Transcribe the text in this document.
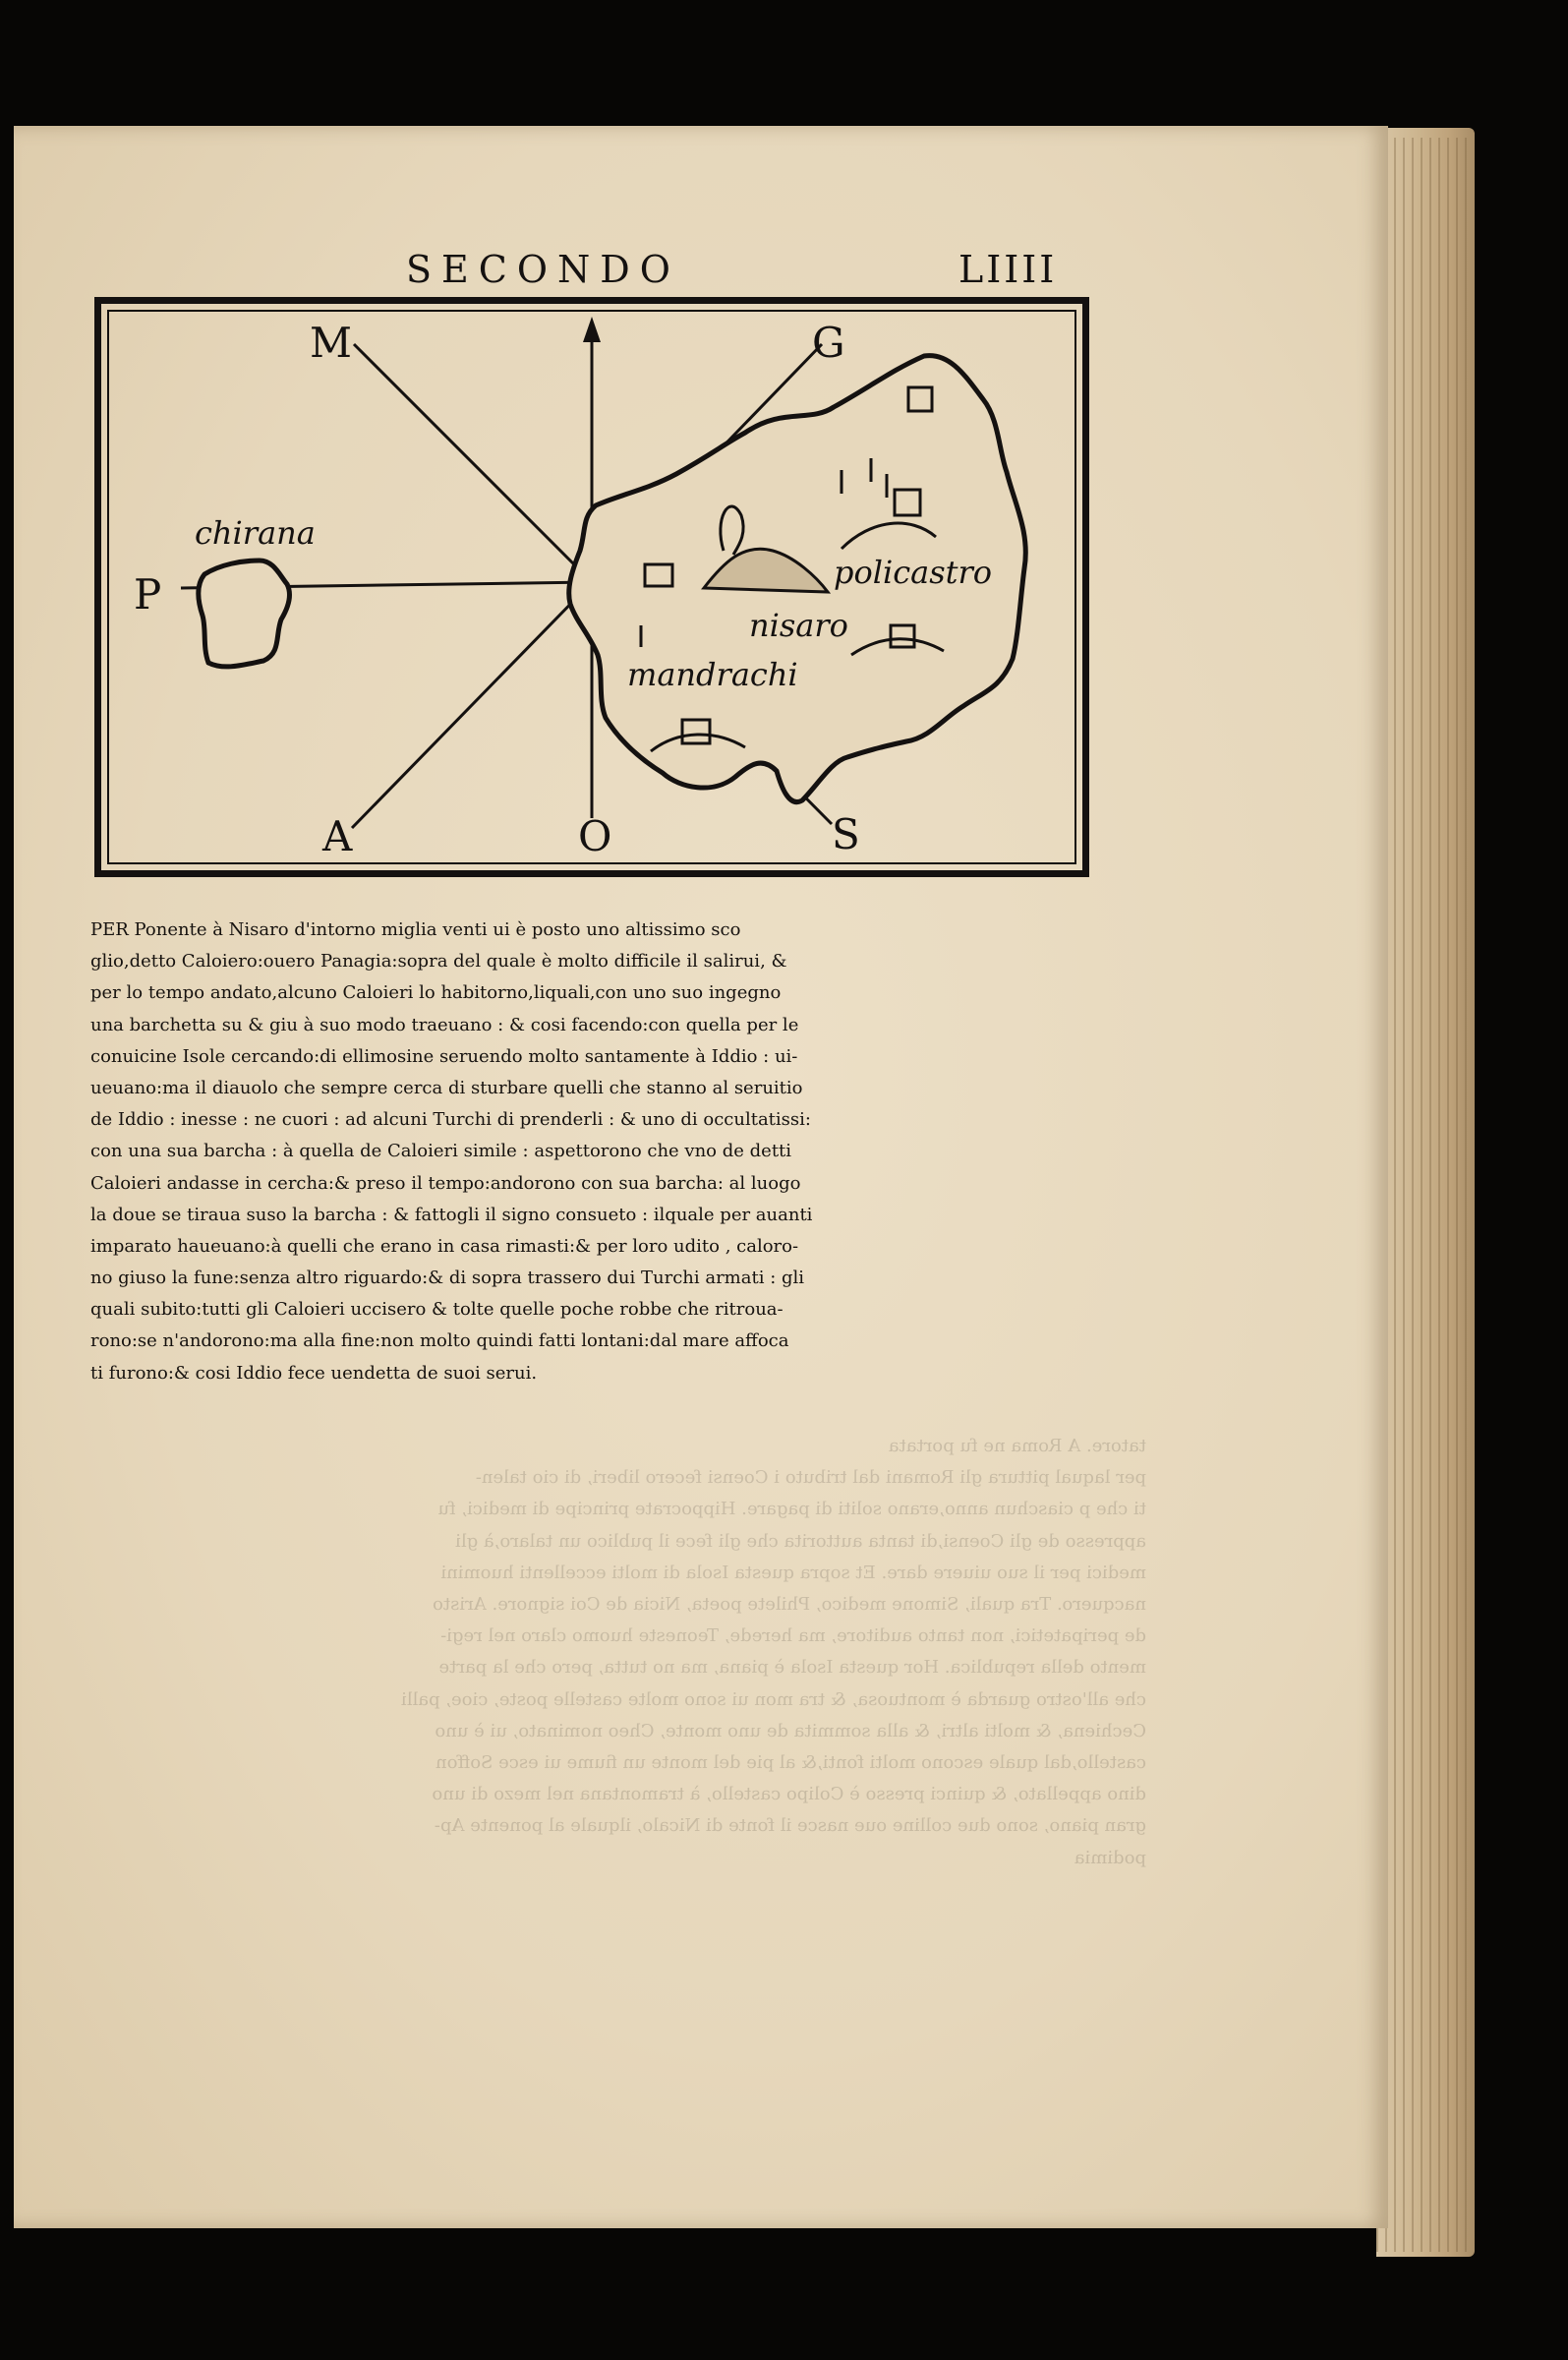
SECONDO	LIIII
chirana
policastro
nisaro
mandrachi
M	G
P
A	O	S
PER Ponente à Nisaro d'intorno miglia venti ui è posto uno altissimo sco
glio,detto Caloiero:ouero Panagia:sopra del quale è molto difficile il salirui, &
per lo tempo andato,alcuno Caloieri lo habitorno,liquali,con uno suo ingegno
una barchetta su & giu à suo modo traeuano : & cosi facendo:con quella per le
conuicine Isole cercando:di ellimosine seruendo molto santamente à Iddio : ui-
ueuano:ma il diauolo che sempre cerca di sturbare quelli che stanno al seruitio
de Iddio : inesse : ne cuori : ad alcuni Turchi di prenderli : & uno di occultatissi:
con una sua barcha : à quella de Caloieri simile : aspettorono che vno de detti
Caloieri andasse in cercha:& preso il tempo:andorono con sua barcha: al luogo
la doue se tiraua suso la barcha : & fattogli il signo consueto : ilquale per auanti
imparato haueuano:à quelli che erano in casa rimasti:& per loro udito , caloro-
no giuso la fune:senza altro riguardo:& di sopra trassero dui Turchi armati : gli
quali subito:tutti gli Caloieri uccisero & tolte quelle poche robbe che ritroua-
rono:se n'andorono:ma alla fine:non molto quindi fatti lontani:dal mare affoca
ti furono:& cosi Iddio fece uendetta de suoi serui.
tatore. A Roma ne fu portata
per laqual pittura gli Romani dal tributo i Coensi fecero liberi, di cio talen-
ti che p ciaschun anno,erano soliti di pagare. Hippocrate principe di medici, fu
appresso de gli Coensi,di tanta auttorita che gli fece il publico un talaro,à gli
medici per il suo uiuere dare. Et sopra questa Isola di molti eccellenti huomini
nacquero. Tra quali, Simone medico, Philete poeta, Nicia de Coi signore. Aristo
de peripatetici, non tanto auditore, ma herede, Teoneste huomo claro nel regi-
mento della republica. Hor questa Isola è piana, ma no tutta, pero che la parte
che all'ostro guarda è montuosa, & tra mon ui sono molte castelle poste, cioe, palli
Cechiena, & molti altri, & alla sommita de uno monte, Cheo nominato, ui è uno
castello,dal quale escono molti fonti,& al pie del monte un fiume ui esce Soffon
dino appellato, & quinci presso è Colipo castello, à tramontana nel mezo di uno
gran piano, sono due colline oue nasce il fonte di Nicalo, ilquale al ponente Ap-
podimia
